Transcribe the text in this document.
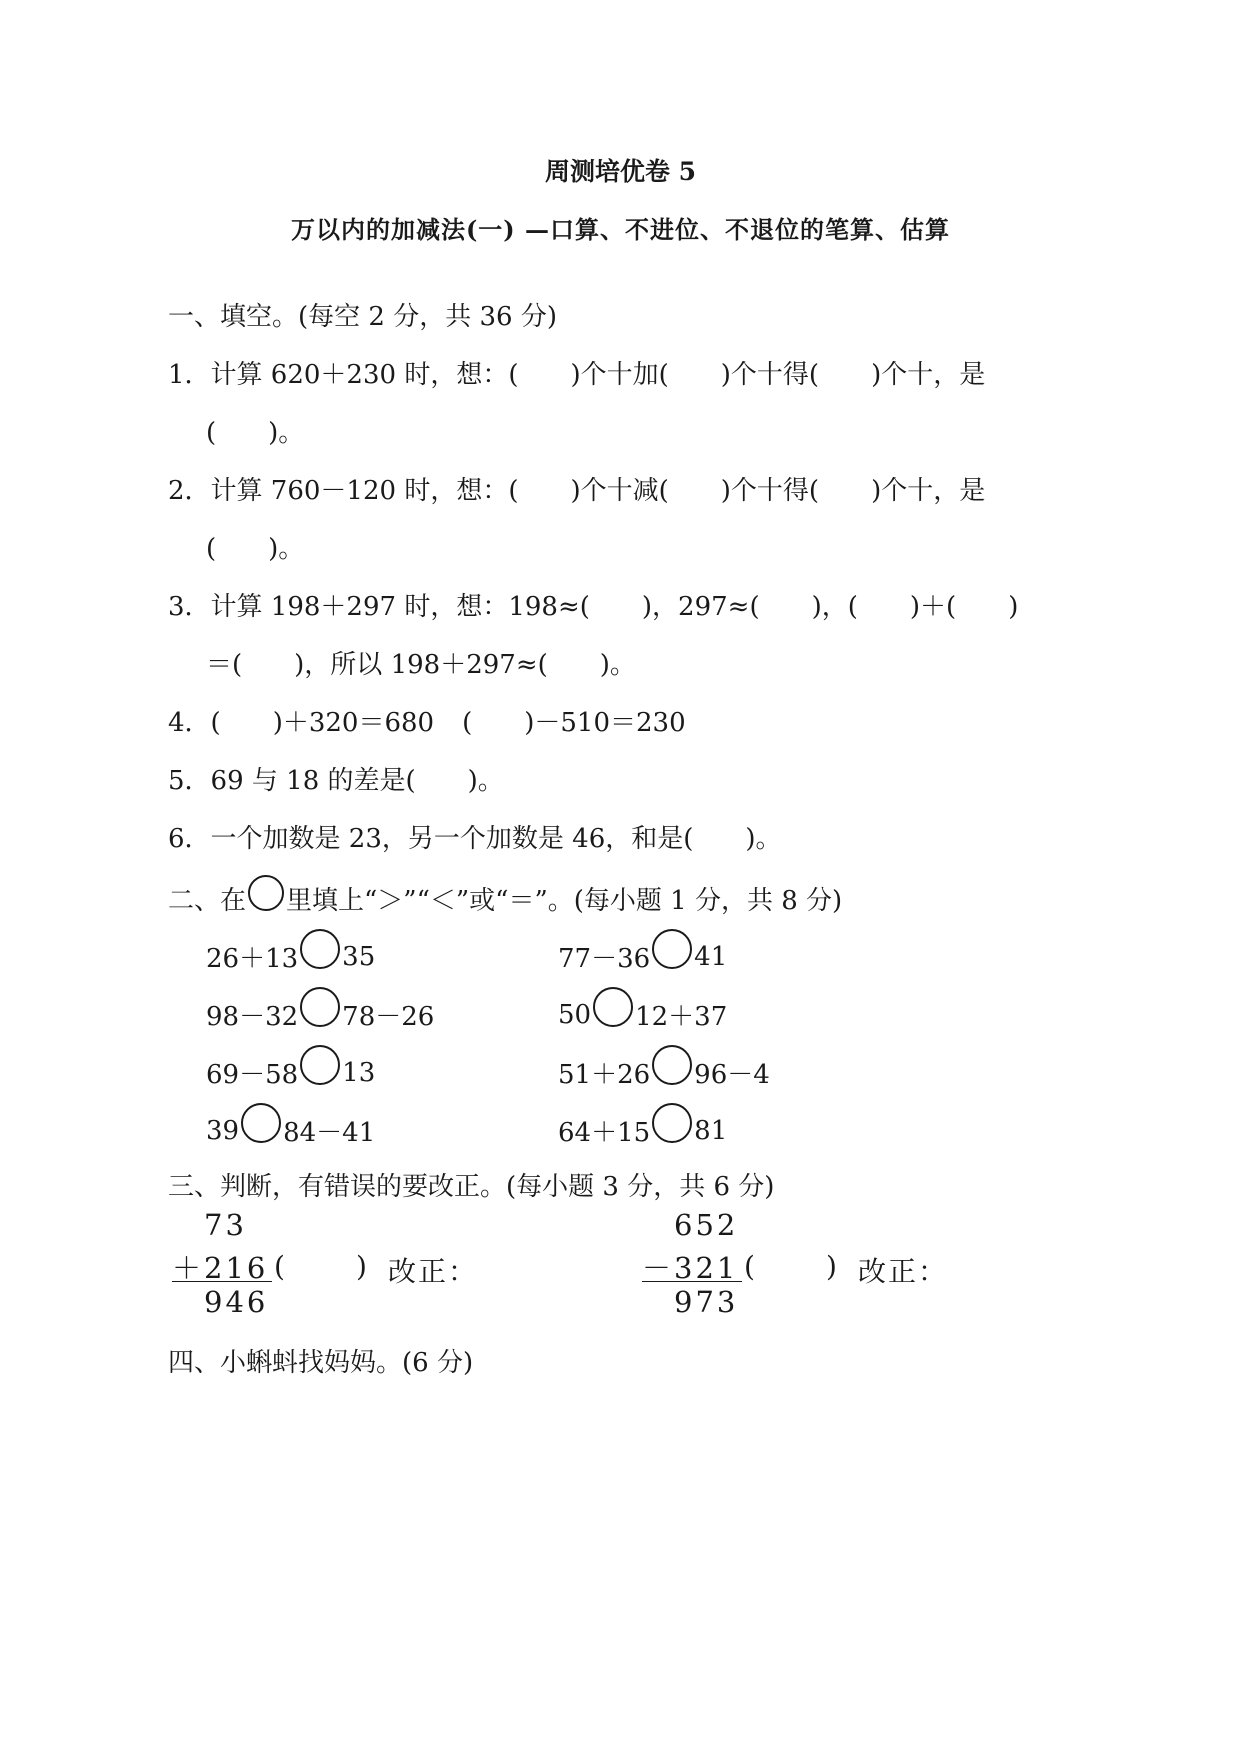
周测培优卷 5
万以内的加减法(一) —口算、不进位、不退位的笔算、估算
一、填空。(每空 2 分，共 36 分)
1．计算 620＋230 时，想：( )个十加( )个十得( )个十，是
( )。
2．计算 760－120 时，想：( )个十减( )个十得( )个十，是
( )。
3．计算 198＋297 时，想：198≈( )，297≈( )，( )＋( )
＝( )，所以 198＋297≈( )。
4．( )＋320＝680 ( )－510＝230
5．69 与 18 的差是( )。
6．一个加数是 23，另一个加数是 46，和是( )。
二、在 里填上“＞”“＜”或“＝”。(每小题 1 分，共 8 分)
26＋13 35	77－36 41
98－32 78－26	50 12＋37
69－58 13	51＋26 96－4
39 84－41	64＋15 81
三、判断，有错误的要改正。(每小题 3 分，共 6 分)
73
＋216
946
(	) 改正：
652
－321
973
(	) 改正：
四、小蝌蚪找妈妈。(6 分)
